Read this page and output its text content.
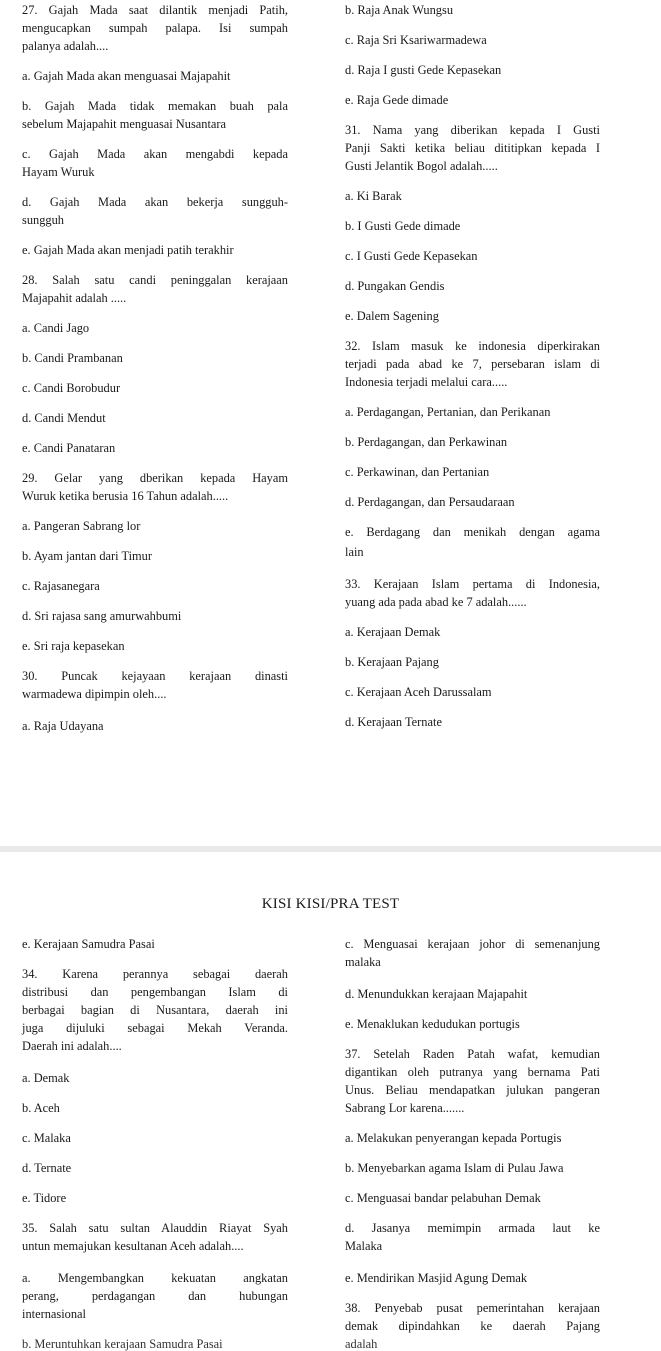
27. Gajah Mada saat dilantik menjadi Patih,

mengucapkan sumpah palapa. Isi sumpah

palanya adalah....

a. Gajah Mada akan menguasai Majapahit

b. Gajah Mada tidak memakan buah pala

sebelum Majapahit menguasai Nusantara

c. Gajah Mada akan mengabdi kepada

Hayam Wuruk

d. Gajah Mada akan bekerja sungguh-

sungguh

e. Gajah Mada akan menjadi patih terakhir

28. Salah satu candi peninggalan kerajaan

Majapahit adalah .....

a. Candi Jago

b. Candi Prambanan

c. Candi Borobudur

d. Candi Mendut

e. Candi Panataran

29. Gelar yang dberikan kepada Hayam

Wuruk ketika berusia 16 Tahun adalah.....

a. Pangeran Sabrang lor

b. Ayam jantan dari Timur

c. Rajasanegara

d. Sri rajasa sang amurwahbumi

e. Sri raja kepasekan

30. Puncak kejayaan kerajaan dinasti

warmadewa dipimpin oleh....

a. Raja Udayana

b. Raja Anak Wungsu

c. Raja Sri Ksariwarmadewa

d. Raja I gusti Gede Kepasekan

e. Raja Gede dimade

31. Nama yang diberikan kepada I Gusti

Panji Sakti ketika beliau dititipkan kepada I

Gusti Jelantik Bogol adalah.....

a. Ki Barak

b. I Gusti Gede dimade

c. I Gusti Gede Kepasekan

d. Pungakan Gendis

e. Dalem Sagening

32. Islam masuk ke indonesia diperkirakan

terjadi pada abad ke 7, persebaran islam di

Indonesia terjadi melalui cara.....

a. Perdagangan, Pertanian, dan Perikanan

b. Perdagangan, dan Perkawinan

c. Perkawinan, dan Pertanian

d. Perdagangan, dan Persaudaraan

e. Berdagang dan menikah dengan agama

lain

33. Kerajaan Islam pertama di Indonesia,

yuang ada pada abad ke 7 adalah......

a. Kerajaan Demak

b. Kerajaan Pajang

c. Kerajaan Aceh Darussalam

d. Kerajaan Ternate

KISI KISI/PRA TEST

e. Kerajaan Samudra Pasai

34. Karena perannya sebagai daerah

distribusi dan pengembangan Islam di

berbagai bagian di Nusantara, daerah ini

juga dijuluki sebagai Mekah Veranda.

Daerah ini adalah....

a. Demak

b. Aceh

c. Malaka

d. Ternate

e. Tidore

35. Salah satu sultan Alauddin Riayat Syah

untun memajukan kesultanan Aceh adalah....

a. Mengembangkan kekuatan angkatan

perang, perdagangan dan hubungan

internasional

b. Meruntuhkan kerajaan Samudra Pasai

c. Menguasai kerajaan johor di semenanjung

malaka

d. Menundukkan kerajaan Majapahit

e. Menaklukan kedudukan portugis

37. Setelah Raden Patah wafat, kemudian

digantikan oleh putranya yang bernama Pati

Unus. Beliau mendapatkan julukan pangeran

Sabrang Lor karena.......

a. Melakukan penyerangan kepada Portugis

b. Menyebarkan agama Islam di Pulau Jawa

c. Menguasai bandar pelabuhan Demak

d. Jasanya memimpin armada laut ke

Malaka

e. Mendirikan Masjid Agung Demak

38. Penyebab pusat pemerintahan kerajaan

demak dipindahkan ke daerah Pajang

adalah
